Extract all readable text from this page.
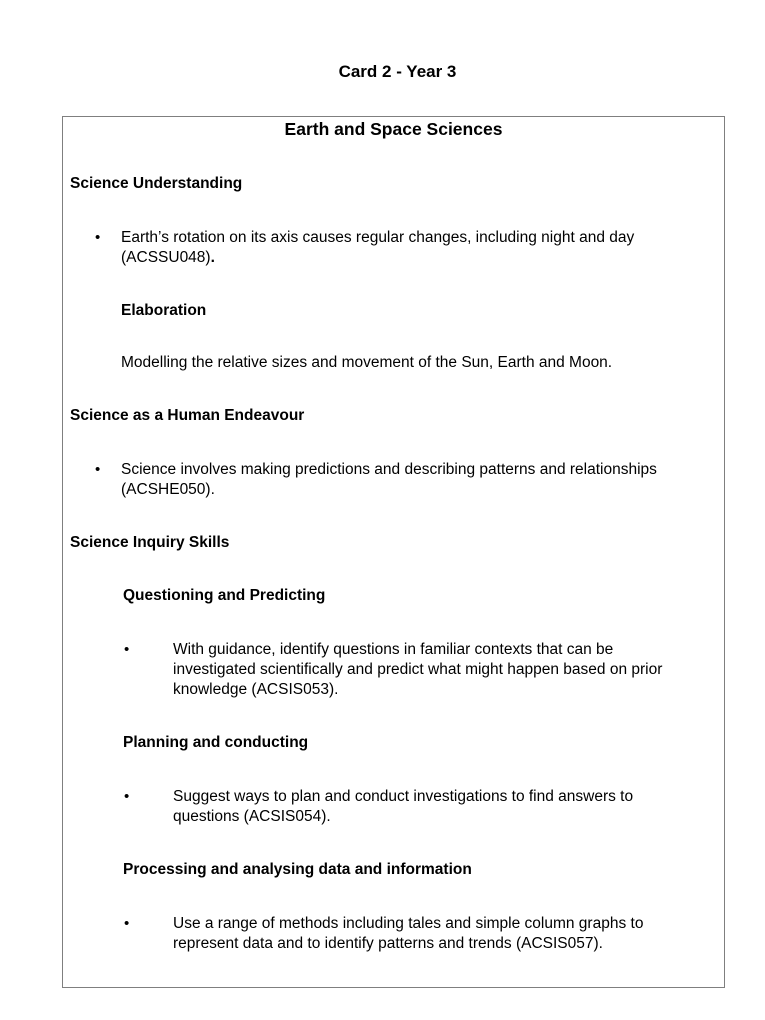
Card 2 - Year 3
Earth and Space Sciences
Science Understanding
• Earth’s rotation on its axis causes regular changes, including night and day
(ACSSU048).
Elaboration
Modelling the relative sizes and movement of the Sun, Earth and Moon.
Science as a Human Endeavour
• Science involves making predictions and describing patterns and relationships
(ACSHE050).
Science Inquiry Skills
Questioning and Predicting
•	With guidance, identify questions in familiar contexts that can be
investigated scientifically and predict what might happen based on prior
knowledge (ACSIS053).
Planning and conducting
•	Suggest ways to plan and conduct investigations to find answers to
questions (ACSIS054).
Processing and analysing data and information
•	Use a range of methods including tales and simple column graphs to
represent data and to identify patterns and trends (ACSIS057).
